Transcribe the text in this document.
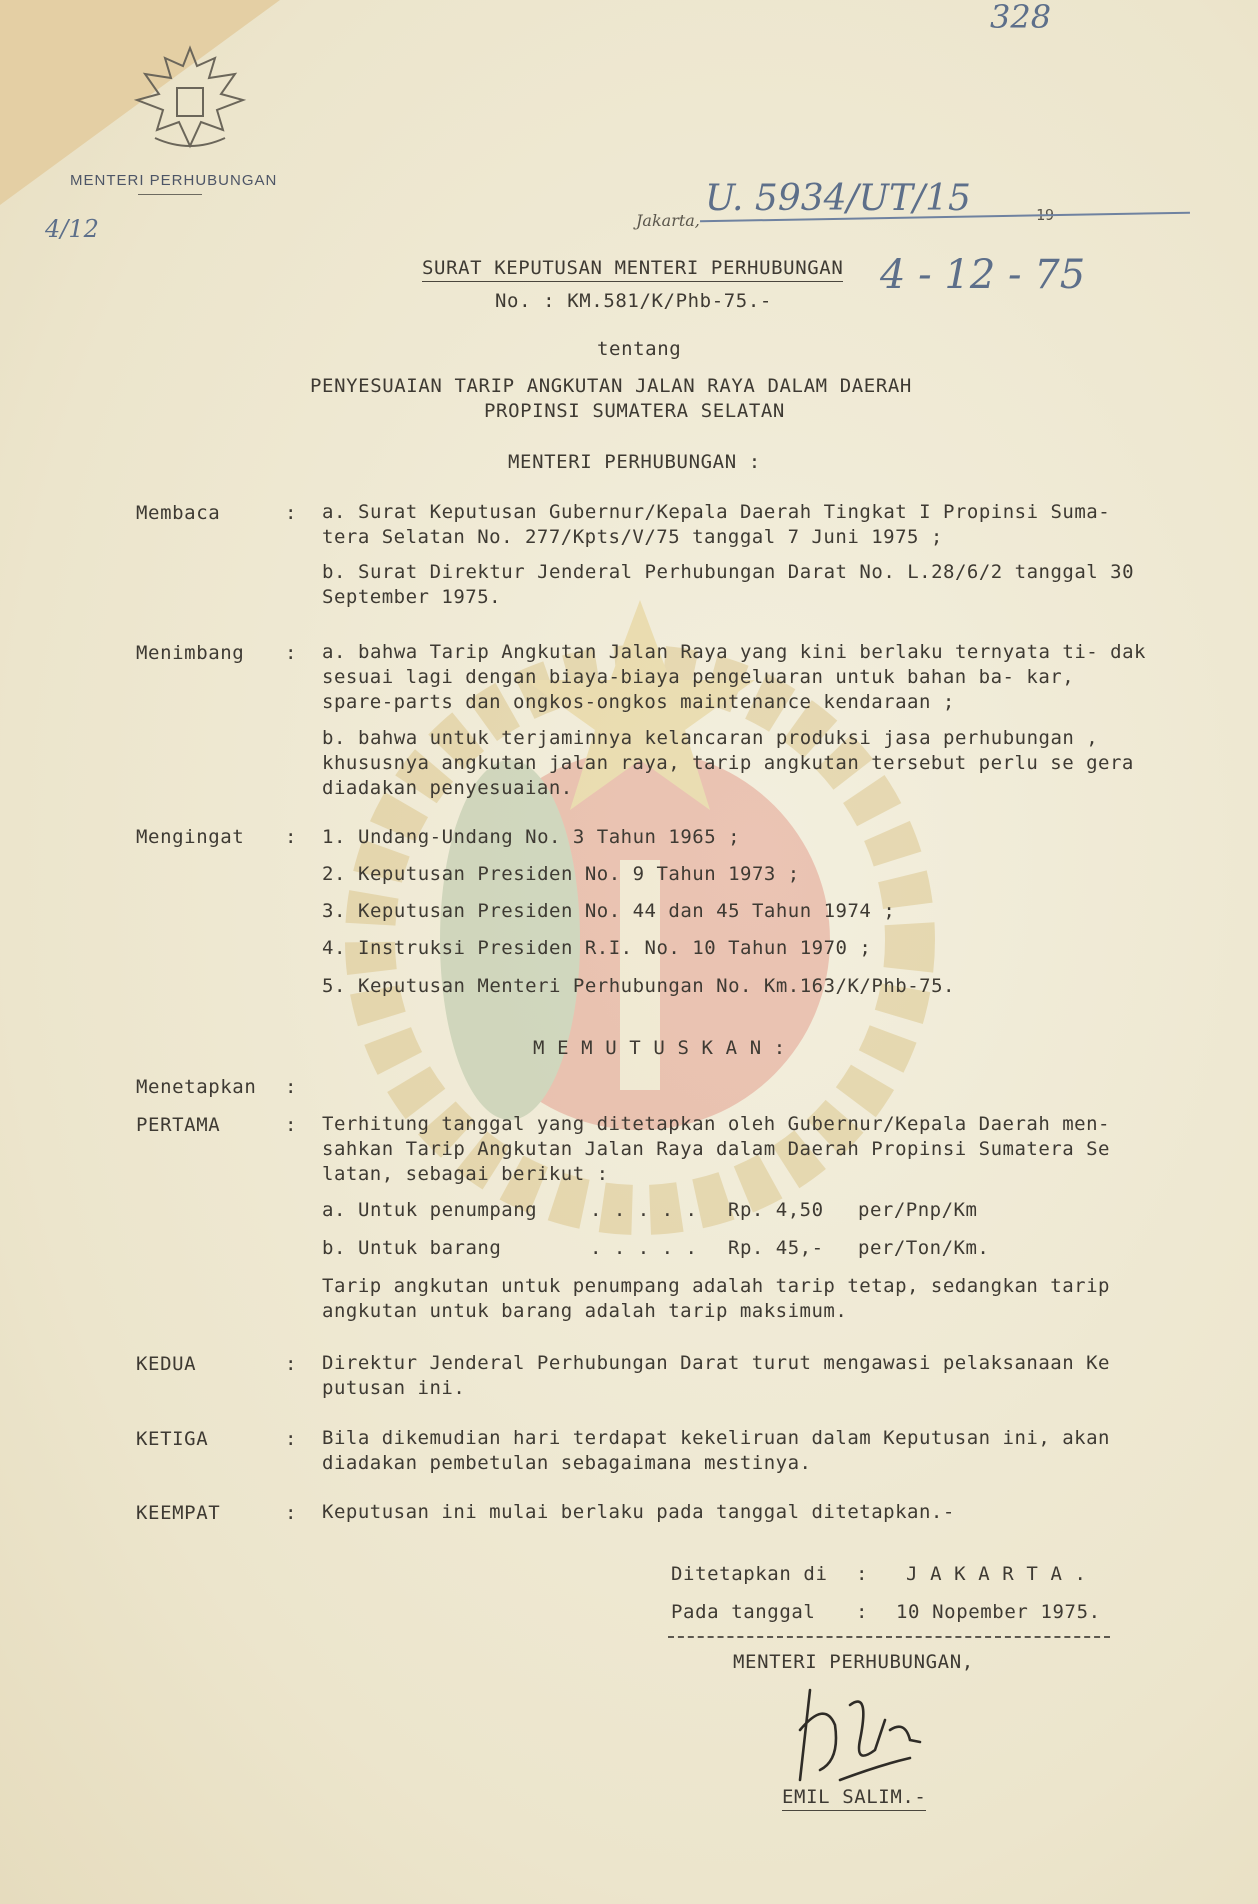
MENTERI PERHUBUNGAN
328
4/12	Jakarta,
U. 5934/UT/15	19
4 - 12 - 75
SURAT KEPUTUSAN MENTERI PERHUBUNGAN
No. : KM.581/K/Phb-75.-
tentang
PENYESUAIAN TARIP ANGKUTAN JALAN RAYA DALAM DAERAH
PROPINSI SUMATERA SELATAN
MENTERI PERHUBUNGAN :
Membaca	: a. Surat Keputusan Gubernur/Kepala Daerah Tingkat I Propinsi Suma- tera Selatan No. 277/Kpts/V/75 tanggal 7 Juni 1975 ;
b. Surat Direktur Jenderal Perhubungan Darat No. L.28/6/2 tanggal 30 September 1975.
Menimbang : a. bahwa Tarip Angkutan Jalan Raya yang kini berlaku ternyata ti- dak sesuai lagi dengan biaya-biaya pengeluaran untuk bahan ba- kar, spare-parts dan ongkos-ongkos maintenance kendaraan ;
b. bahwa untuk terjaminnya kelancaran produksi jasa perhubungan , khususnya angkutan jalan raya, tarip angkutan tersebut perlu se gera diadakan penyesuaian.
Mengingat : 1. Undang-Undang No. 3 Tahun 1965 ;
2. Keputusan Presiden No. 9 Tahun 1973 ;
3. Keputusan Presiden No. 44 dan 45 Tahun 1974 ;
4. Instruksi Presiden R.I. No. 10 Tahun 1970 ;
5. Keputusan Menteri Perhubungan No. Km.163/K/Phb-75.
M E M U T U S K A N :
Menetapkan :
PERTAMA	: Terhitung tanggal yang ditetapkan oleh Gubernur/Kepala Daerah men- sahkan Tarip Angkutan Jalan Raya dalam Daerah Propinsi Sumatera Se latan, sebagai berikut :
a. Untuk penumpang	. . . . . Rp. 4,50 per/Pnp/Km
b. Untuk barang	. . . . . Rp. 45,- per/Ton/Km.
Tarip angkutan untuk penumpang adalah tarip tetap, sedangkan tarip angkutan untuk barang adalah tarip maksimum.
KEDUA	: Direktur Jenderal Perhubungan Darat turut mengawasi pelaksanaan Ke putusan ini.
KETIGA	: Bila dikemudian hari terdapat kekeliruan dalam Keputusan ini, akan diadakan pembetulan sebagaimana mestinya.
KEEMPAT	: Keputusan ini mulai berlaku pada tanggal ditetapkan.-
Ditetapkan di : J A K A R T A .
Pada tanggal : 10 Nopember 1975.
MENTERI PERHUBUNGAN,
EMIL SALIM.-
